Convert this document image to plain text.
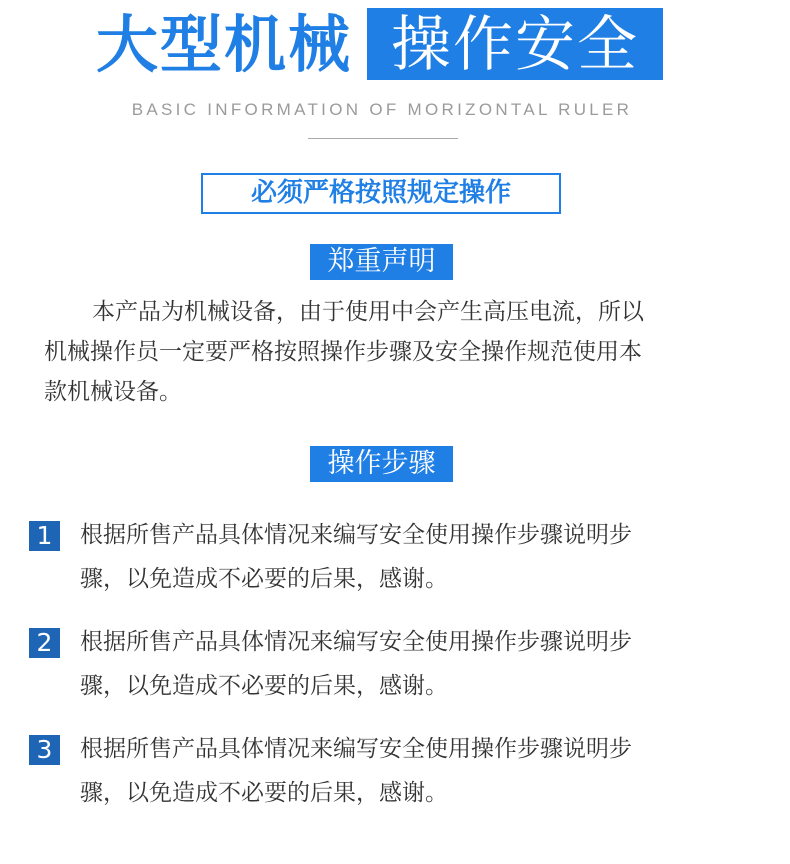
大型机械 操作安全
BASIC INFORMATION OF MORIZONTAL RULER
必须严格按照规定操作
郑重声明
本产品为机械设备，由于使用中会产生高压电流，所以
机械操作员一定要严格按照操作步骤及安全操作规范使用本
款机械设备。
操作步骤
1	根据所售产品具体情况来编写安全使用操作步骤说明步
骤，以免造成不必要的后果，感谢。
2	根据所售产品具体情况来编写安全使用操作步骤说明步
骤，以免造成不必要的后果，感谢。
3	根据所售产品具体情况来编写安全使用操作步骤说明步
骤，以免造成不必要的后果，感谢。
